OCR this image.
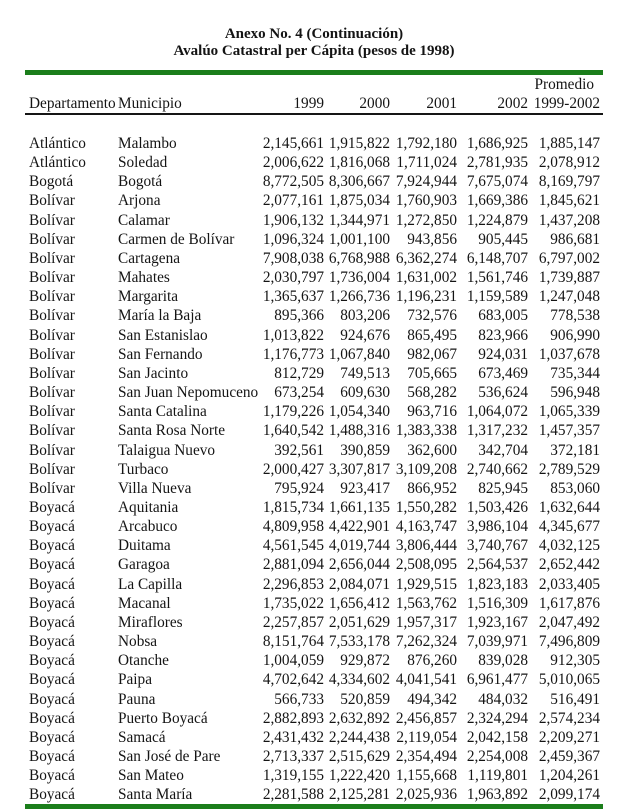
Anexo No. 4 (Continuación)
Avalúo Catastral per Cápita (pesos de 1998)
Promedio
Departamento Municipio	1999	2000	2001	2002 1999-2002
Atlántico	Malambo	2,145,661 1,915,822 1,792,180 1,686,925 1,885,147
Atlántico	Soledad	2,006,622 1,816,068 1,711,024 2,781,935 2,078,912
Bogotá	Bogotá	8,772,505 8,306,667 7,924,944 7,675,074 8,169,797
Bolívar	Arjona	2,077,161 1,875,034 1,760,903 1,669,386 1,845,621
Bolívar	Calamar	1,906,132 1,344,971 1,272,850 1,224,879 1,437,208
Bolívar	Carmen de Bolívar	1,096,324 1,001,100	943,856	905,445	986,681
Bolívar	Cartagena	7,908,038 6,768,988 6,362,274 6,148,707 6,797,002
Bolívar	Mahates	2,030,797 1,736,004 1,631,002 1,561,746 1,739,887
Bolívar	Margarita	1,365,637 1,266,736 1,196,231 1,159,589 1,247,048
Bolívar	María la Baja	895,366	803,206	732,576	683,005	778,538
Bolívar	San Estanislao	1,013,822	924,676	865,495	823,966	906,990
Bolívar	San Fernando	1,176,773 1,067,840	982,067	924,031 1,037,678
Bolívar	San Jacinto	812,729	749,513	705,665	673,469	735,344
Bolívar	San Juan Nepomuceno	673,254	609,630	568,282	536,624	596,948
Bolívar	Santa Catalina	1,179,226 1,054,340	963,716 1,064,072 1,065,339
Bolívar	Santa Rosa Norte	1,640,542 1,488,316 1,383,338 1,317,232 1,457,357
Bolívar	Talaigua Nuevo	392,561	390,859	362,600	342,704	372,181
Bolívar	Turbaco	2,000,427 3,307,817 3,109,208 2,740,662 2,789,529
Bolívar	Villa Nueva	795,924	923,417	866,952	825,945	853,060
Boyacá	Aquitania	1,815,734 1,661,135 1,550,282 1,503,426 1,632,644
Boyacá	Arcabuco	4,809,958 4,422,901 4,163,747 3,986,104 4,345,677
Boyacá	Duitama	4,561,545 4,019,744 3,806,444 3,740,767 4,032,125
Boyacá	Garagoa	2,881,094 2,656,044 2,508,095 2,564,537 2,652,442
Boyacá	La Capilla	2,296,853 2,084,071 1,929,515 1,823,183 2,033,405
Boyacá	Macanal	1,735,022 1,656,412 1,563,762 1,516,309 1,617,876
Boyacá	Miraflores	2,257,857 2,051,629 1,957,317 1,923,167 2,047,492
Boyacá	Nobsa	8,151,764 7,533,178 7,262,324 7,039,971 7,496,809
Boyacá	Otanche	1,004,059	929,872	876,260	839,028	912,305
Boyacá	Paipa	4,702,642 4,334,602 4,041,541 6,961,477 5,010,065
Boyacá	Pauna	566,733	520,859	494,342	484,032	516,491
Boyacá	Puerto Boyacá	2,882,893 2,632,892 2,456,857 2,324,294 2,574,234
Boyacá	Samacá	2,431,432 2,244,438 2,119,054 2,042,158 2,209,271
Boyacá	San José de Pare	2,713,337 2,515,629 2,354,494 2,254,008 2,459,367
Boyacá	San Mateo	1,319,155 1,222,420 1,155,668 1,119,801 1,204,261
Boyacá	Santa María	2,281,588 2,125,281 2,025,936 1,963,892 2,099,174
